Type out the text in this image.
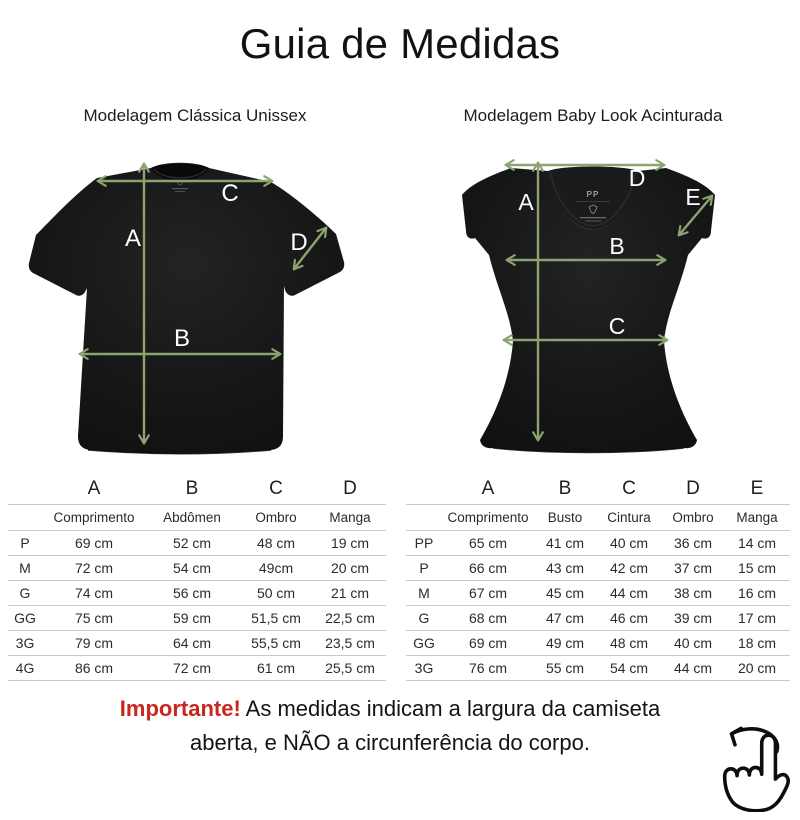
Guia de Medidas
Modelagem Clássica Unissex	Modelagem Baby Look Acinturada
A
B
C
D
PP
A
B
C
D
E
	A	B	C	D
	Comprimento	Abdômen	Ombro	Manga
P	69 cm	52 cm	48 cm	19 cm
M	72 cm	54 cm	49cm	20 cm
G	74 cm	56 cm	50 cm	21 cm
GG	75 cm	59 cm	51,5 cm	22,5 cm
3G	79 cm	64 cm	55,5 cm	23,5 cm
4G	86 cm	72 cm	61 cm	25,5 cm
	A	B	C	D	E
	Comprimento	Busto	Cintura	Ombro	Manga
PP	65 cm	41 cm	40 cm	36 cm	14 cm
P	66 cm	43 cm	42 cm	37 cm	15 cm
M	67 cm	45 cm	44 cm	38 cm	16 cm
G	68 cm	47 cm	46 cm	39 cm	17 cm
GG	69 cm	49 cm	48 cm	40 cm	18 cm
3G	76 cm	55 cm	54 cm	44 cm	20 cm
Importante! As medidas indicam a largura da camiseta
aberta, e NÃO a circunferência do corpo.
